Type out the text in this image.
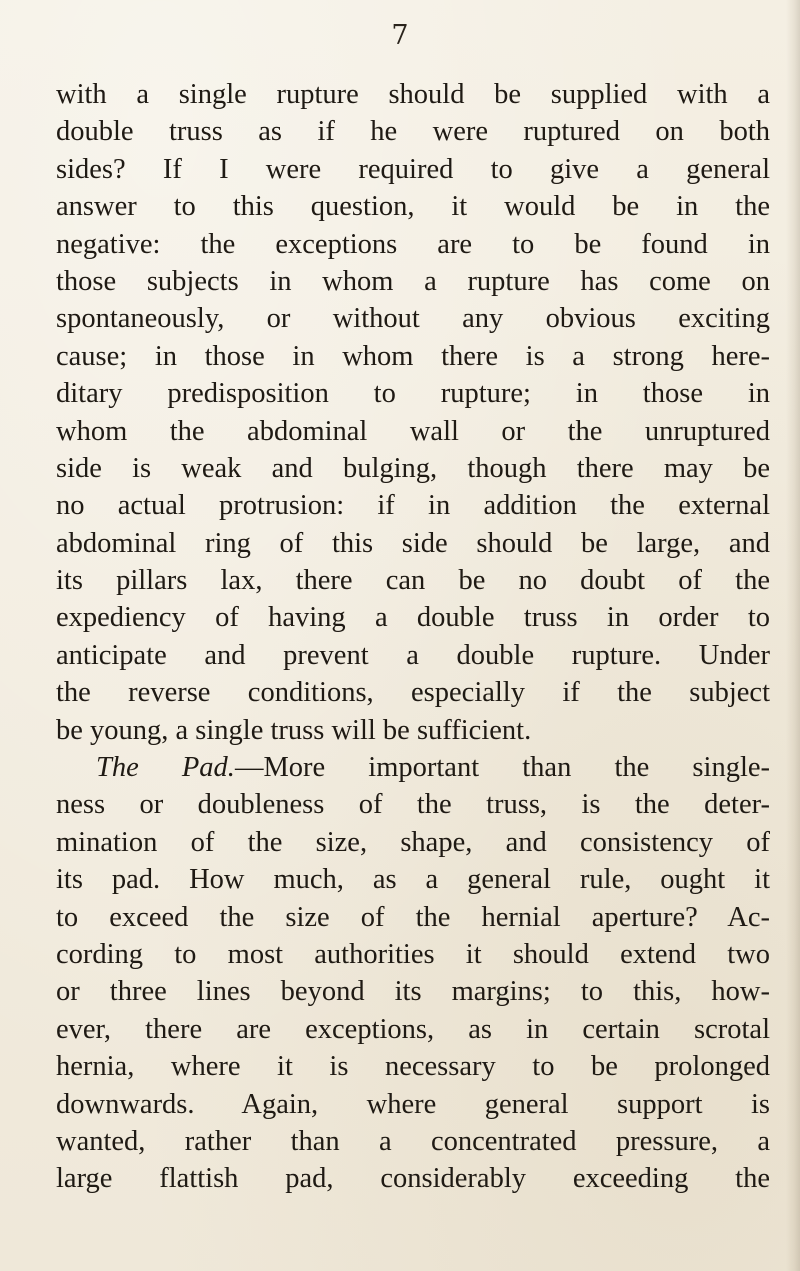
7
with a single rupture should be supplied with a
double truss as if he were ruptured on both
sides? If I were required to give a general
answer to this question, it would be in the
negative: the exceptions are to be found in
those subjects in whom a rupture has come on
spontaneously, or without any obvious exciting
cause; in those in whom there is a strong here-
ditary predisposition to rupture; in those in
whom the abdominal wall or the unruptured
side is weak and bulging, though there may be
no actual protrusion: if in addition the external
abdominal ring of this side should be large, and
its pillars lax, there can be no doubt of the
expediency of having a double truss in order to
anticipate and prevent a double rupture. Under
the reverse conditions, especially if the subject
be young, a single truss will be sufficient.
The Pad.—More important than the single-
ness or doubleness of the truss, is the deter-
mination of the size, shape, and consistency of
its pad. How much, as a general rule, ought it
to exceed the size of the hernial aperture? Ac-
cording to most authorities it should extend two
or three lines beyond its margins; to this, how-
ever, there are exceptions, as in certain scrotal
hernia, where it is necessary to be prolonged
downwards. Again, where general support is
wanted, rather than a concentrated pressure, a
large flattish pad, considerably exceeding the
